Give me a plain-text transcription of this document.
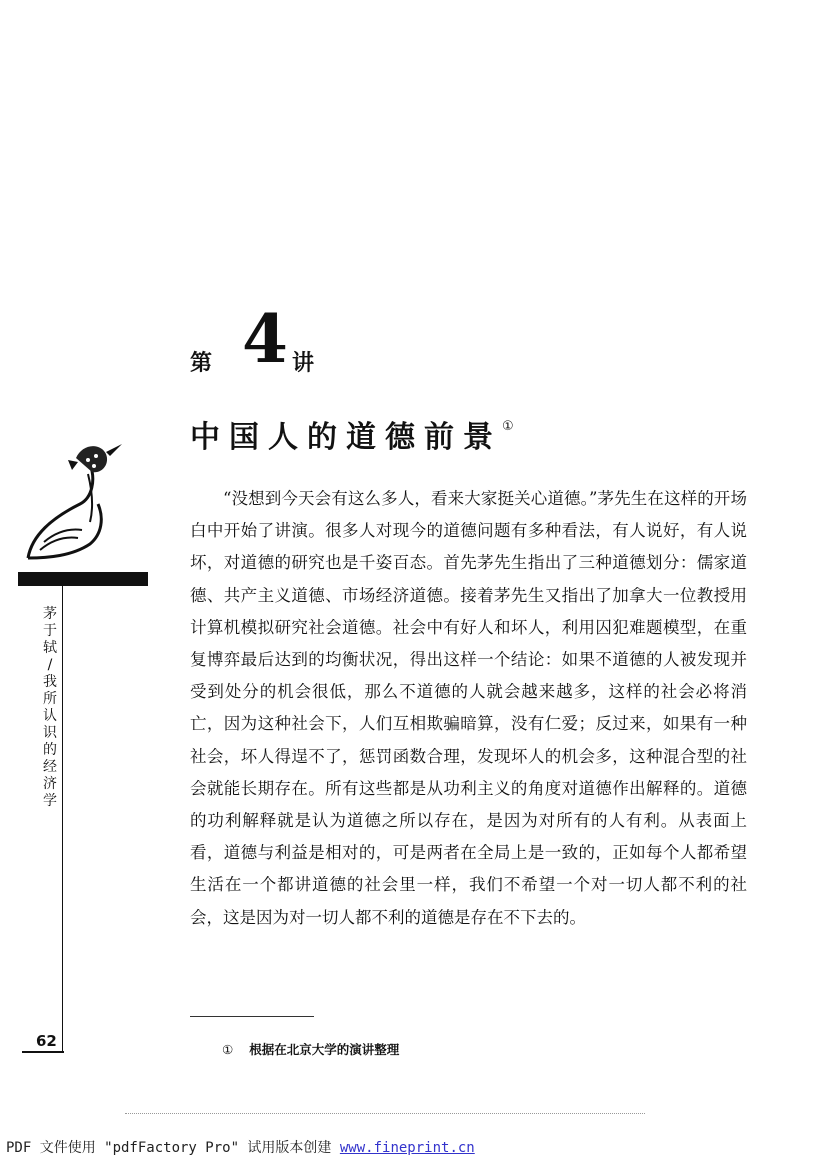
茅
于
轼
/
我
所
认
识
的
经
济
学
第 4 讲
中国人的道德前景①

“没想到今天会有这么多人，看来大家挺关心道德。”茅先生在这样的开场白中开始了讲演。很多人对现今的道德问题有多种看法，有人说好，有人说坏，对道德的研究也是千姿百态。首先茅先生指出了三种道德划分：儒家道德、共产主义道德、市场经济道德。接着茅先生又指出了加拿大一位教授用计算机模拟研究社会道德。社会中有好人和坏人，利用囚犯难题模型，在重复博弈最后达到的均衡状况，得出这样一个结论：如果不道德的人被发现并受到处分的机会很低，那么不道德的人就会越来越多，这样的社会必将消亡，因为这种社会下，人们互相欺骗暗算，没有仁爱；反过来，如果有一种社会，坏人得逞不了，惩罚函数合理，发现坏人的机会多，这种混合型的社会就能长期存在。所有这些都是从功利主义的角度对道德作出解释的。道德的功利解释就是认为道德之所以存在，是因为对所有的人有利。从表面上看，道德与利益是相对的，可是两者在全局上是一致的，正如每个人都希望生活在一个都讲道德的社会里一样，我们不希望一个对一切人都不利的社会，这是因为对一切人都不利的道德是存在不下去的。

① 根据在北京大学的演讲整理
62
PDF 文件使用 "pdfFactory Pro" 试用版本创建 www.fineprint.cn
